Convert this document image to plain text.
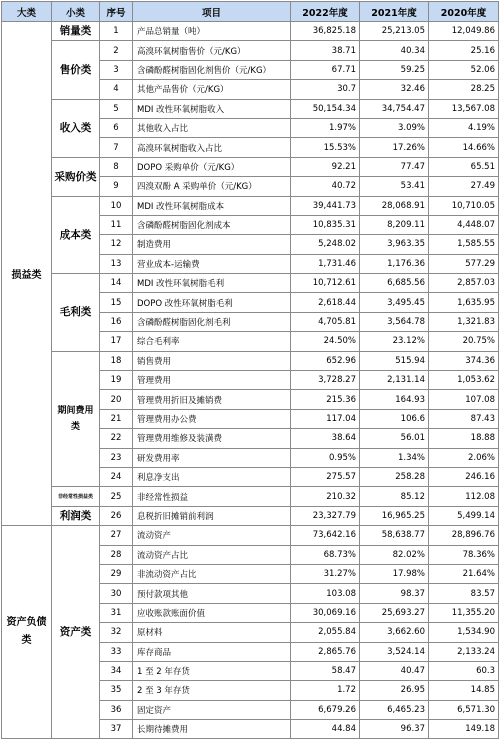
大类	小类	序号	项目	2022年度	2021年度	2020年度
损益类	销量类	1	产品总销量（吨）	36,825.18	25,213.05	12,049.86
	售价类	2	高溴环氧树脂售价（元/KG）	38.71	40.34	25.16
		3	含磷酚醛树脂固化剂售价（元/KG）	67.71	59.25	52.06
		4	其他产品售价（元/KG）	30.7	32.46	28.25
	收入类	5	MDI 改性环氧树脂收入	50,154.34	34,754.47	13,567.08
		6	其他收入占比	1.97%	3.09%	4.19%
		7	高溴环氧树脂收入占比	15.53%	17.26%	14.66%
	采购价类	8	DOPO 采购单价（元/KG）	92.21	77.47	65.51
		9	四溴双酚 A 采购单价（元/KG）	40.72	53.41	27.49
	成本类	10	MDI 改性环氧树脂成本	39,441.73	28,068.91	10,710.05
		11	含磷酚醛树脂固化剂成本	10,835.31	8,209.11	4,448.07
		12	制造费用	5,248.02	3,963.35	1,585.55
		13	营业成本-运输费	1,731.46	1,176.36	577.29
	毛利类	14	MDI 改性环氧树脂毛利	10,712.61	6,685.56	2,857.03
		15	DOPO 改性环氧树脂毛利	2,618.44	3,495.45	1,635.95
		16	含磷酚醛树脂固化剂毛利	4,705.81	3,564.78	1,321.83
		17	综合毛利率	24.50%	23.12%	20.75%
	期间费用类	18	销售费用	652.96	515.94	374.36
		19	管理费用	3,728.27	2,131.14	1,053.62
		20	管理费用折旧及摊销费	215.36	164.93	107.08
		21	管理费用办公费	117.04	106.6	87.43
		22	管理费用维修及装潢费	38.64	56.01	18.88
		23	研发费用率	0.95%	1.34%	2.06%
		24	利息净支出	275.57	258.28	246.16
	非经常性损益类	25	非经常性损益	210.32	85.12	112.08
	利润类	26	息税折旧摊销前利润	23,327.79	16,965.25	5,499.14
资产负债类	资产类	27	流动资产	73,642.16	58,638.77	28,896.76
		28	流动资产占比	68.73%	82.02%	78.36%
		29	非流动资产占比	31.27%	17.98%	21.64%
		30	预付款项其他	103.08	98.37	83.57
		31	应收账款账面价值	30,069.16	25,693.27	11,355.20
		32	原材料	2,055.84	3,662.60	1,534.90
		33	库存商品	2,865.76	3,524.14	2,133.24
		34	1 至 2 年存货	58.47	40.47	60.3
		35	2 至 3 年存货	1.72	26.95	14.85
		36	固定资产	6,679.26	6,465.23	6,571.30
		37	长期待摊费用	44.84	96.37	149.18
